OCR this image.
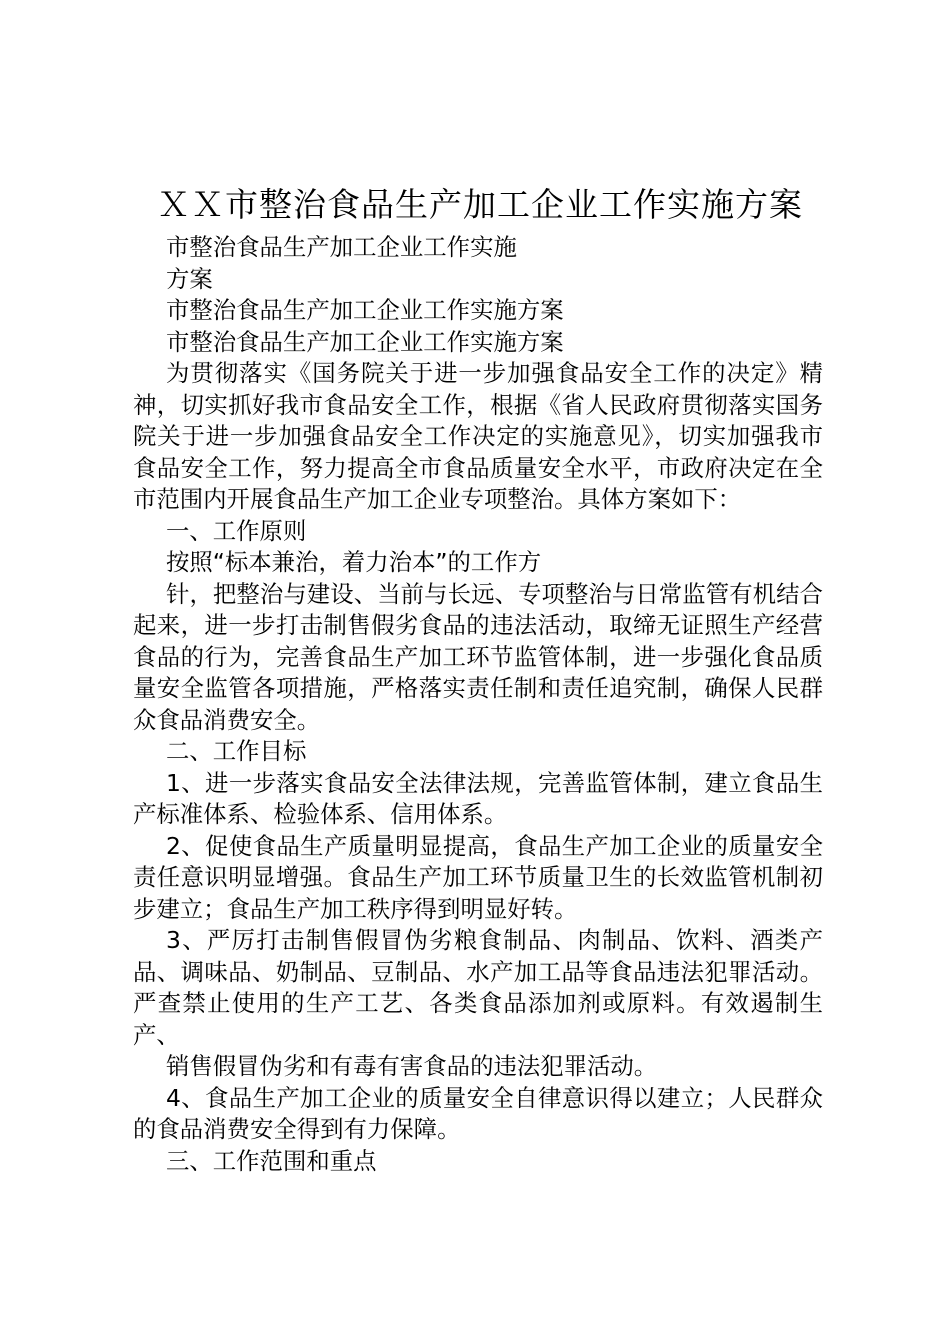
ＸＸ市整治食品生产加工企业工作实施方案

市整治食品生产加工企业工作实施

方案

市整治食品生产加工企业工作实施方案

市整治食品生产加工企业工作实施方案

为贯彻落实《国务院关于进一步加强食品安全工作的决定》精神，切实抓好我市食品安全工作，根据《省人民政府贯彻落实国务院关于进一步加强食品安全工作决定的实施意见》，切实加强我市食品安全工作，努力提高全市食品质量安全水平，市政府决定在全市范围内开展食品生产加工企业专项整治。具体方案如下：

一、工作原则

按照“标本兼治，着力治本”的工作方

针，把整治与建设、当前与长远、专项整治与日常监管有机结合起来，进一步打击制售假劣食品的违法活动，取缔无证照生产经营食品的行为，完善食品生产加工环节监管体制，进一步强化食品质量安全监管各项措施，严格落实责任制和责任追究制，确保人民群众食品消费安全。

二、工作目标

1、进一步落实食品安全法律法规，完善监管体制，建立食品生产标准体系、检验体系、信用体系。

2、促使食品生产质量明显提高，食品生产加工企业的质量安全责任意识明显增强。食品生产加工环节质量卫生的长效监管机制初步建立；食品生产加工秩序得到明显好转。

3、严厉打击制售假冒伪劣粮食制品、肉制品、饮料、酒类产品、调味品、奶制品、豆制品、水产加工品等食品违法犯罪活动。严查禁止使用的生产工艺、各类食品添加剂或原料。有效遏制生产、

销售假冒伪劣和有毒有害食品的违法犯罪活动。

4、食品生产加工企业的质量安全自律意识得以建立；人民群众的食品消费安全得到有力保障。

三、工作范围和重点
